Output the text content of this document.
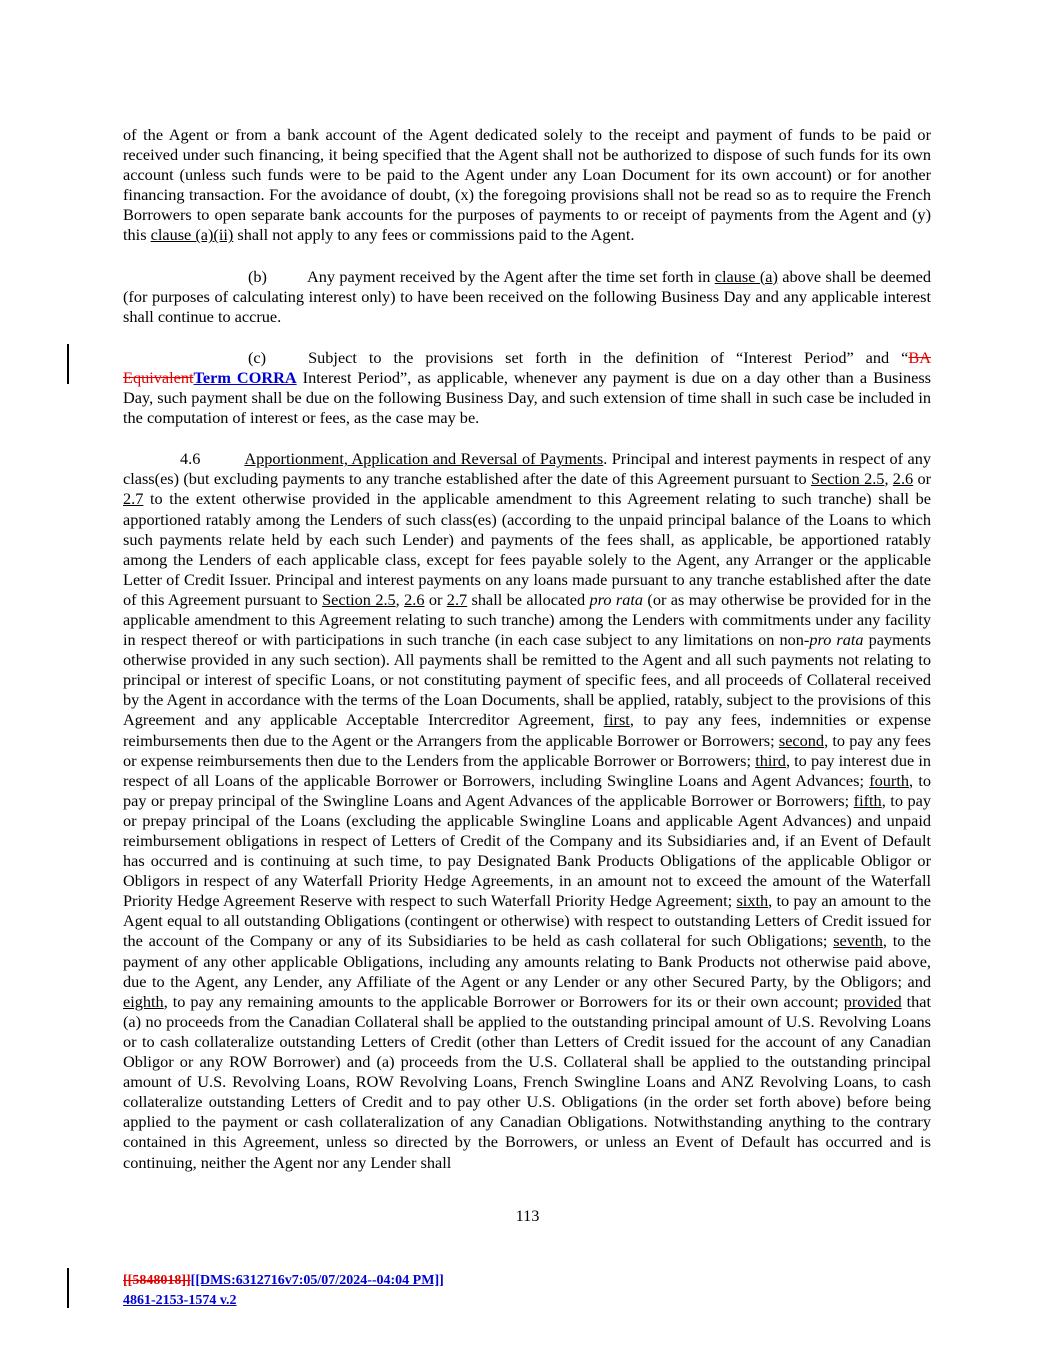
of the Agent or from a bank account of the Agent dedicated solely to the receipt and payment of funds to be paid or received under such financing, it being specified that the Agent shall not be authorized to dispose of such funds for its own account (unless such funds were to be paid to the Agent under any Loan Document for its own account) or for another financing transaction. For the avoidance of doubt, (x) the foregoing provisions shall not be read so as to require the French Borrowers to open separate bank accounts for the purposes of payments to or receipt of payments from the Agent and (y) this clause (a)(ii) shall not apply to any fees or commissions paid to the Agent.

(b) Any payment received by the Agent after the time set forth in clause (a) above shall be deemed (for purposes of calculating interest only) to have been received on the following Business Day and any applicable interest shall continue to accrue.

(c)	Subject to the provisions set forth in the definition of “Interest Period” and “BA EquivalentTerm CORRA Interest Period”, as applicable, whenever any payment is due on a day other than a Business Day, such payment shall be due on the following Business Day, and such extension of time shall in such case be included in the computation of interest or fees, as the case may be.

4.6	Apportionment, Application and Reversal of Payments. Principal and interest payments in respect of any class(es) (but excluding payments to any tranche established after the date of this Agreement pursuant to Section 2.5, 2.6 or 2.7 to the extent otherwise provided in the applicable amendment to this Agreement relating to such tranche) shall be apportioned ratably among the Lenders of such class(es) (according to the unpaid principal balance of the Loans to which such payments relate held by each such Lender) and payments of the fees shall, as applicable, be apportioned ratably among the Lenders of each applicable class, except for fees payable solely to the Agent, any Arranger or the applicable Letter of Credit Issuer. Principal and interest payments on any loans made pursuant to any tranche established after the date of this Agreement pursuant to Section 2.5, 2.6 or 2.7 shall be allocated pro rata (or as may otherwise be provided for in the applicable amendment to this Agreement relating to such tranche) among the Lenders with commitments under any facility in respect thereof or with participations in such tranche (in each case subject to any limitations on non-pro rata payments otherwise provided in any such section). All payments shall be remitted to the Agent and all such payments not relating to principal or interest of specific Loans, or not constituting payment of specific fees, and all proceeds of Collateral received by the Agent in accordance with the terms of the Loan Documents, shall be applied, ratably, subject to the provisions of this Agreement and any applicable Acceptable Intercreditor Agreement, first, to pay any fees, indemnities or expense reimbursements then due to the Agent or the Arrangers from the applicable Borrower or Borrowers; second, to pay any fees or expense reimbursements then due to the Lenders from the applicable Borrower or Borrowers; third, to pay interest due in respect of all Loans of the applicable Borrower or Borrowers, including Swingline Loans and Agent Advances; fourth, to pay or prepay principal of the Swingline Loans and Agent Advances of the applicable Borrower or Borrowers; fifth, to pay or prepay principal of the Loans (excluding the applicable Swingline Loans and applicable Agent Advances) and unpaid reimbursement obligations in respect of Letters of Credit of the Company and its Subsidiaries and, if an Event of Default has occurred and is continuing at such time, to pay Designated Bank Products Obligations of the applicable Obligor or Obligors in respect of any Waterfall Priority Hedge Agreements, in an amount not to exceed the amount of the Waterfall Priority Hedge Agreement Reserve with respect to such Waterfall Priority Hedge Agreement; sixth, to pay an amount to the Agent equal to all outstanding Obligations (contingent or otherwise) with respect to outstanding Letters of Credit issued for the account of the Company or any of its Subsidiaries to be held as cash collateral for such Obligations; seventh, to the payment of any other applicable Obligations, including any amounts relating to Bank Products not otherwise paid above, due to the Agent, any Lender, any Affiliate of the Agent or any Lender or any other Secured Party, by the Obligors; and eighth, to pay any remaining amounts to the applicable Borrower or Borrowers for its or their own account; provided that (a) no proceeds from the Canadian Collateral shall be applied to the outstanding principal amount of U.S. Revolving Loans or to cash collateralize outstanding Letters of Credit (other than Letters of Credit issued for the account of any Canadian Obligor or any ROW Borrower) and (a) proceeds from the U.S. Collateral shall be applied to the outstanding principal amount of U.S. Revolving Loans, ROW Revolving Loans, French Swingline Loans and ANZ Revolving Loans, to cash collateralize outstanding Letters of Credit and to pay other U.S. Obligations (in the order set forth above) before being applied to the payment or cash collateralization of any Canadian Obligations. Notwithstanding anything to the contrary contained in this Agreement, unless so directed by the Borrowers, or unless an Event of Default has occurred and is continuing, neither the Agent nor any Lender shall

113
[[5848018]][[DMS:6312716v7:05/07/2024--04:04 PM]]
4861-2153-1574 v.2
